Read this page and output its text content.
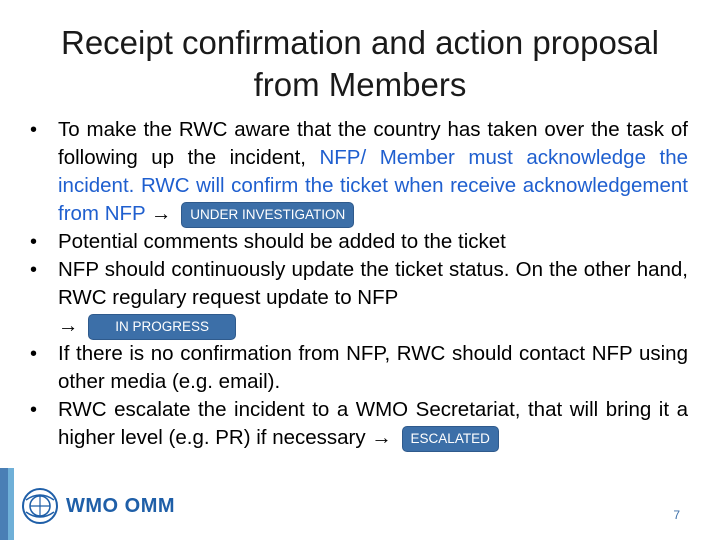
Receipt confirmation and action proposal from Members
• To make the RWC aware that the country has taken over the task of following up the incident, NFP/ Member must acknowledge the incident. RWC will confirm the ticket when receive acknowledgement from NFP → UNDER INVESTIGATION
• Potential comments should be added to the ticket
• NFP should continuously update the ticket status. On the other hand, RWC regulary request update to NFP
→ IN PROGRESS
• If there is no confirmation from NFP, RWC should contact NFP using other media (e.g. email).
• RWC escalate the incident to a WMO Secretariat, that will bring it a higher level (e.g. PR) if necessary → ESCALATED
WMO OMM	7
